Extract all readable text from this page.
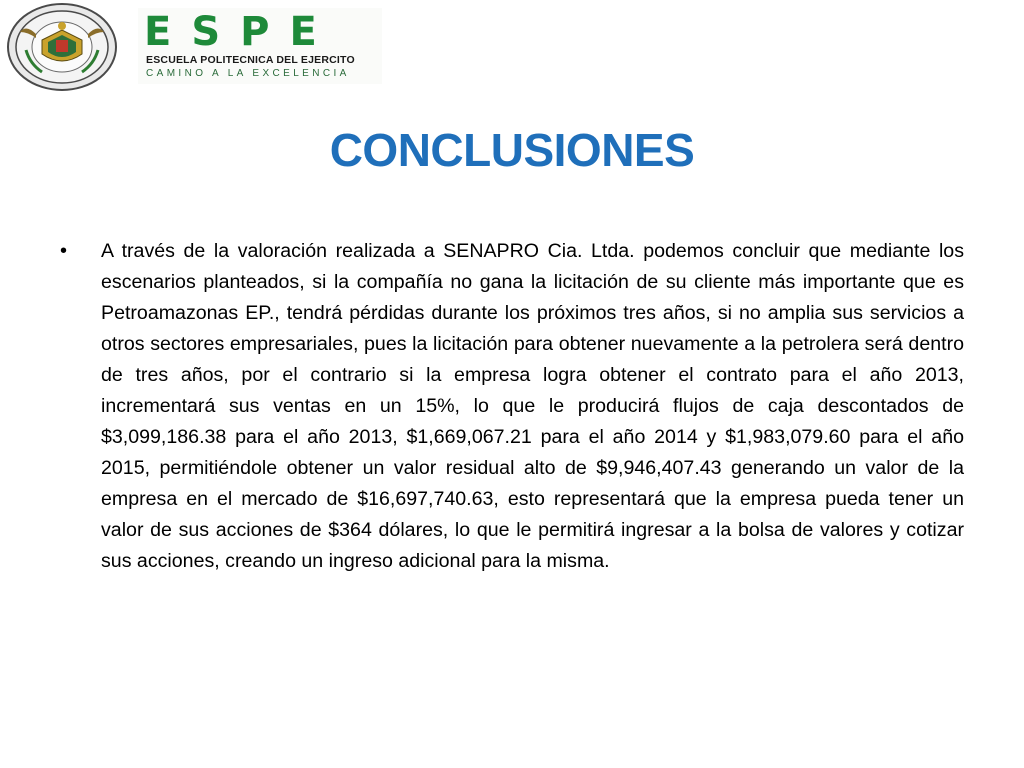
ESPE
ESCUELA POLITECNICA DEL EJERCITO
CAMINO A LA EXCELENCIA
CONCLUSIONES
• A través de la valoración realizada a SENAPRO Cia. Ltda. podemos concluir que mediante los escenarios planteados, si la compañía no gana la licitación de su cliente más importante que es Petroamazonas EP., tendrá pérdidas durante los próximos tres años, si no amplia sus servicios a otros sectores empresariales, pues la licitación para obtener nuevamente a la petrolera será dentro de tres años, por el contrario si la empresa logra obtener el contrato para el año 2013, incrementará sus ventas en un 15%, lo que le producirá flujos de caja descontados de $3,099,186.38 para el año 2013, $1,669,067.21 para el año 2014 y $1,983,079.60 para el año 2015, permitiéndole obtener un valor residual alto de $9,946,407.43 generando un valor de la empresa en el mercado de $16,697,740.63, esto representará que la empresa pueda tener un valor de sus acciones de $364 dólares, lo que le permitirá ingresar a la bolsa de valores y cotizar sus acciones, creando un ingreso adicional para la misma.
